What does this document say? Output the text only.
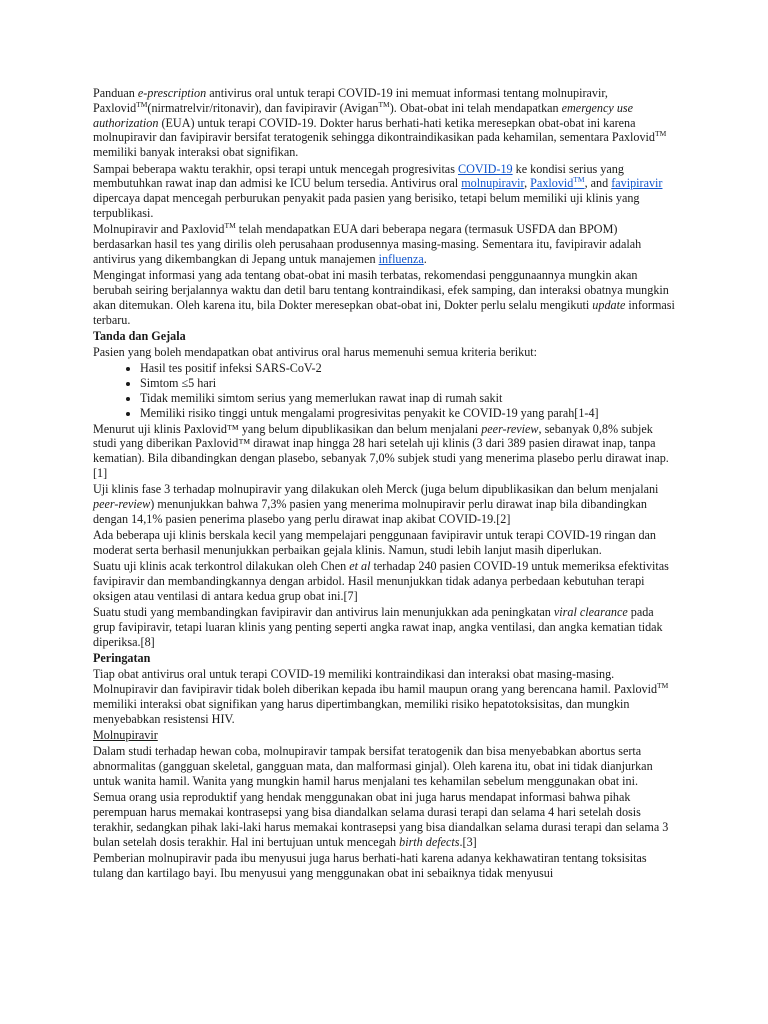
Panduan e-prescription antivirus oral untuk terapi COVID-19 ini memuat informasi tentang molnupiravir, Paxlovid™(nirmatrelvir/ritonavir), dan favipiravir (Avigan™). Obat-obat ini telah mendapatkan emergency use authorization (EUA) untuk terapi COVID-19. Dokter harus berhati-hati ketika meresepkan obat-obat ini karena molnupiravir dan favipiravir bersifat teratogenik sehingga dikontraindikasikan pada kehamilan, sementara Paxlovid™ memiliki banyak interaksi obat signifikan.

Sampai beberapa waktu terakhir, opsi terapi untuk mencegah progresivitas COVID-19 ke kondisi serius yang membutuhkan rawat inap dan admisi ke ICU belum tersedia. Antivirus oral molnupiravir, Paxlovid™, and favipiravir dipercaya dapat mencegah perburukan penyakit pada pasien yang berisiko, tetapi belum memiliki uji klinis yang terpublikasi.

Molnupiravir and Paxlovid™ telah mendapatkan EUA dari beberapa negara (termasuk USFDA dan BPOM) berdasarkan hasil tes yang dirilis oleh perusahaan produsennya masing-masing. Sementara itu, favipiravir adalah antivirus yang dikembangkan di Jepang untuk manajemen influenza.

Mengingat informasi yang ada tentang obat-obat ini masih terbatas, rekomendasi penggunaannya mungkin akan berubah seiring berjalannya waktu dan detil baru tentang kontraindikasi, efek samping, dan interaksi obatnya mungkin akan ditemukan. Oleh karena itu, bila Dokter meresepkan obat-obat ini, Dokter perlu selalu mengikuti update informasi terbaru.

Tanda dan Gejala

Pasien yang boleh mendapatkan obat antivirus oral harus memenuhi semua kriteria berikut:

• Hasil tes positif infeksi SARS-CoV-2
• Simtom ≤5 hari
• Tidak memiliki simtom serius yang memerlukan rawat inap di rumah sakit
• Memiliki risiko tinggi untuk mengalami progresivitas penyakit ke COVID-19 yang parah[1-4]

Menurut uji klinis Paxlovid™ yang belum dipublikasikan dan belum menjalani peer-review, sebanyak 0,8% subjek studi yang diberikan Paxlovid™ dirawat inap hingga 28 hari setelah uji klinis (3 dari 389 pasien dirawat inap, tanpa kematian). Bila dibandingkan dengan plasebo, sebanyak 7,0% subjek studi yang menerima plasebo perlu dirawat inap.[1]

Uji klinis fase 3 terhadap molnupiravir yang dilakukan oleh Merck (juga belum dipublikasikan dan belum menjalani peer-review) menunjukkan bahwa 7,3% pasien yang menerima molnupiravir perlu dirawat inap bila dibandingkan dengan 14,1% pasien penerima plasebo yang perlu dirawat inap akibat COVID-19.[2]

Ada beberapa uji klinis berskala kecil yang mempelajari penggunaan favipiravir untuk terapi COVID-19 ringan dan moderat serta berhasil menunjukkan perbaikan gejala klinis. Namun, studi lebih lanjut masih diperlukan.

Suatu uji klinis acak terkontrol dilakukan oleh Chen et al terhadap 240 pasien COVID-19 untuk memeriksa efektivitas favipiravir dan membandingkannya dengan arbidol. Hasil menunjukkan tidak adanya perbedaan kebutuhan terapi oksigen atau ventilasi di antara kedua grup obat ini.[7]

Suatu studi yang membandingkan favipiravir dan antivirus lain menunjukkan ada peningkatan viral clearance pada grup favipiravir, tetapi luaran klinis yang penting seperti angka rawat inap, angka ventilasi, dan angka kematian tidak diperiksa.[8]

Peringatan

Tiap obat antivirus oral untuk terapi COVID-19 memiliki kontraindikasi dan interaksi obat masing-masing. Molnupiravir dan favipiravir tidak boleh diberikan kepada ibu hamil maupun orang yang berencana hamil. Paxlovid™ memiliki interaksi obat signifikan yang harus dipertimbangkan, memiliki risiko hepatotoksisitas, dan mungkin menyebabkan resistensi HIV.

Molnupiravir

Dalam studi terhadap hewan coba, molnupiravir tampak bersifat teratogenik dan bisa menyebabkan abortus serta abnormalitas (gangguan skeletal, gangguan mata, dan malformasi ginjal). Oleh karena itu, obat ini tidak dianjurkan untuk wanita hamil. Wanita yang mungkin hamil harus menjalani tes kehamilan sebelum menggunakan obat ini.

Semua orang usia reproduktif yang hendak menggunakan obat ini juga harus mendapat informasi bahwa pihak perempuan harus memakai kontrasepsi yang bisa diandalkan selama durasi terapi dan selama 4 hari setelah dosis terakhir, sedangkan pihak laki-laki harus memakai kontrasepsi yang bisa diandalkan selama durasi terapi dan selama 3 bulan setelah dosis terakhir. Hal ini bertujuan untuk mencegah birth defects.[3]

Pemberian molnupiravir pada ibu menyusui juga harus berhati-hati karena adanya kekhawatiran tentang toksisitas tulang dan kartilago bayi. Ibu menyusui yang menggunakan obat ini sebaiknya tidak menyusui
